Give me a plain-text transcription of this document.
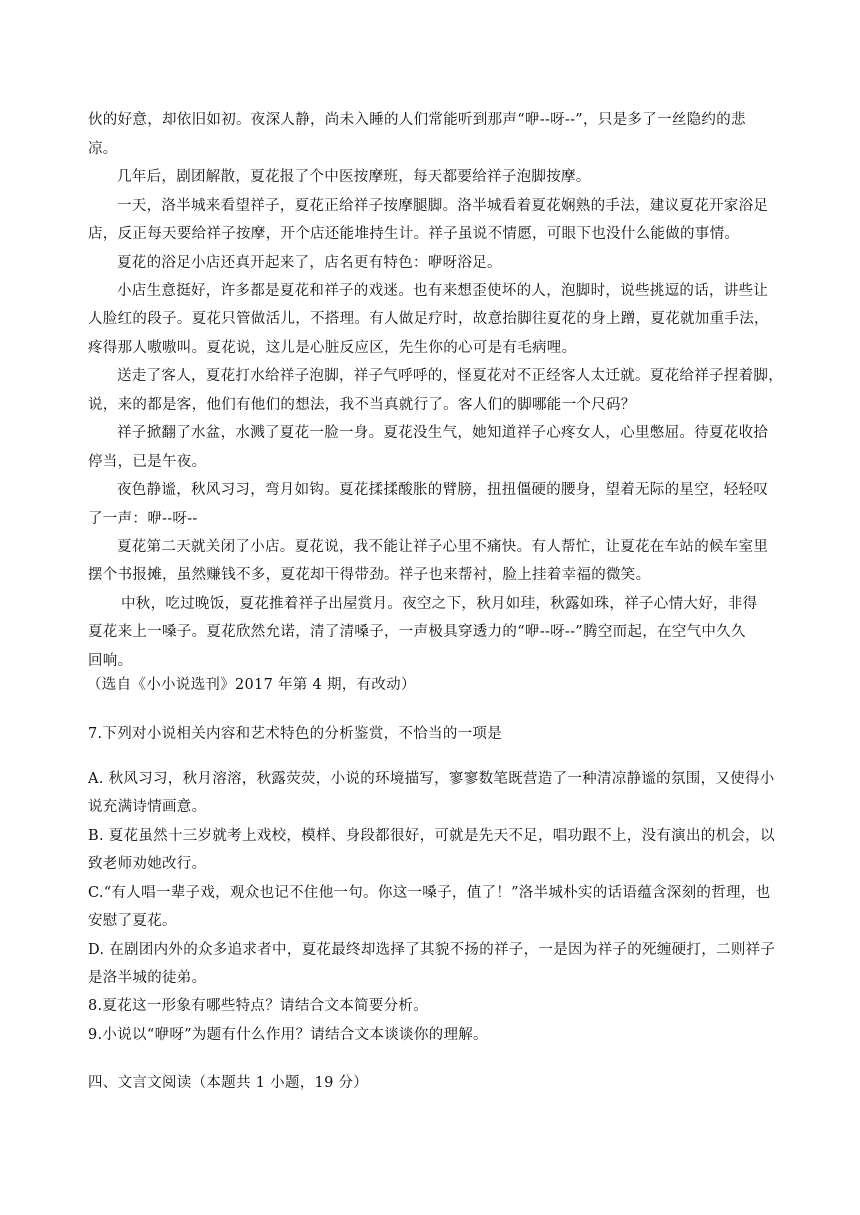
伙的好意，却依旧如初。夜深人静，尚未入睡的人们常能听到那声“咿--呀--”，只是多了一丝隐约的悲
凉。
几年后，剧团解散，夏花报了个中医按摩班，每天都要给祥子泡脚按摩。
一天，洛半城来看望祥子，夏花正给祥子按摩腿脚。洛半城看着夏花娴熟的手法，建议夏花开家浴足
店，反正每天要给祥子按摩，开个店还能堆持生计。祥子虽说不情愿，可眼下也没什么能做的事情。
夏花的浴足小店还真开起来了，店名更有特色：咿呀浴足。
小店生意挺好，许多都是夏花和祥子的戏迷。也有来想歪使坏的人，泡脚时，说些挑逗的话，讲些让
人脸红的段子。夏花只管做活儿，不搭理。有人做足疗时，故意抬脚往夏花的身上蹭，夏花就加重手法，
疼得那人嗷嗷叫。夏花说，这儿是心脏反应区，先生你的心可是有毛病哩。
送走了客人，夏花打水给祥子泡脚，祥子气呼呼的，怪夏花对不正经客人太迁就。夏花给祥子捏着脚，
说，来的都是客，他们有他们的想法，我不当真就行了。客人们的脚哪能一个尺码？
祥子掀翻了水盆，水溅了夏花一脸一身。夏花没生气，她知道祥子心疼女人，心里憋屈。待夏花收拾
停当，已是午夜。
夜色静谧，秋风习习，弯月如钩。夏花揉揉酸胀的臂膀，扭扭僵硬的腰身，望着无际的星空，轻轻叹
了一声：咿--呀--
夏花第二天就关闭了小店。夏花说，我不能让祥子心里不痛快。有人帮忙，让夏花在车站的候车室里
摆个书报摊，虽然赚钱不多，夏花却干得带劲。祥子也来帮衬，脸上挂着幸福的微笑。
中秋，吃过晚饭，夏花推着祥子出屋赏月。夜空之下，秋月如珪，秋露如珠，祥子心情大好，非得
夏花来上一嗓子。夏花欣然允诺，清了清嗓子，一声极具穿透力的“咿--呀--”腾空而起，在空气中久久
回响。
（选自《小小说选刊》2017 年第 4 期，有改动）
7.下列对小说相关内容和艺术特色的分析鉴赏，不恰当的一项是
A. 秋风习习，秋月溶溶，秋露荧荧，小说的环境描写，寥寥数笔既营造了一种清凉静谧的氛围，又使得小
说充满诗情画意。
B. 夏花虽然十三岁就考上戏校，模样、身段都很好，可就是先天不足，唱功跟不上，没有演出的机会，以
致老师劝她改行。
C.“有人唱一辈子戏，观众也记不住他一句。你这一嗓子，值了！”洛半城朴实的话语蕴含深刻的哲理，也
安慰了夏花。
D. 在剧团内外的众多追求者中，夏花最终却选择了其貌不扬的祥子，一是因为祥子的死缠硬打，二则祥子
是洛半城的徒弟。
8.夏花这一形象有哪些特点？请结合文本简要分析。
9.小说以“咿呀”为题有什么作用？请结合文本谈谈你的理解。
四、文言文阅读（本题共 1 小题，19 分）
